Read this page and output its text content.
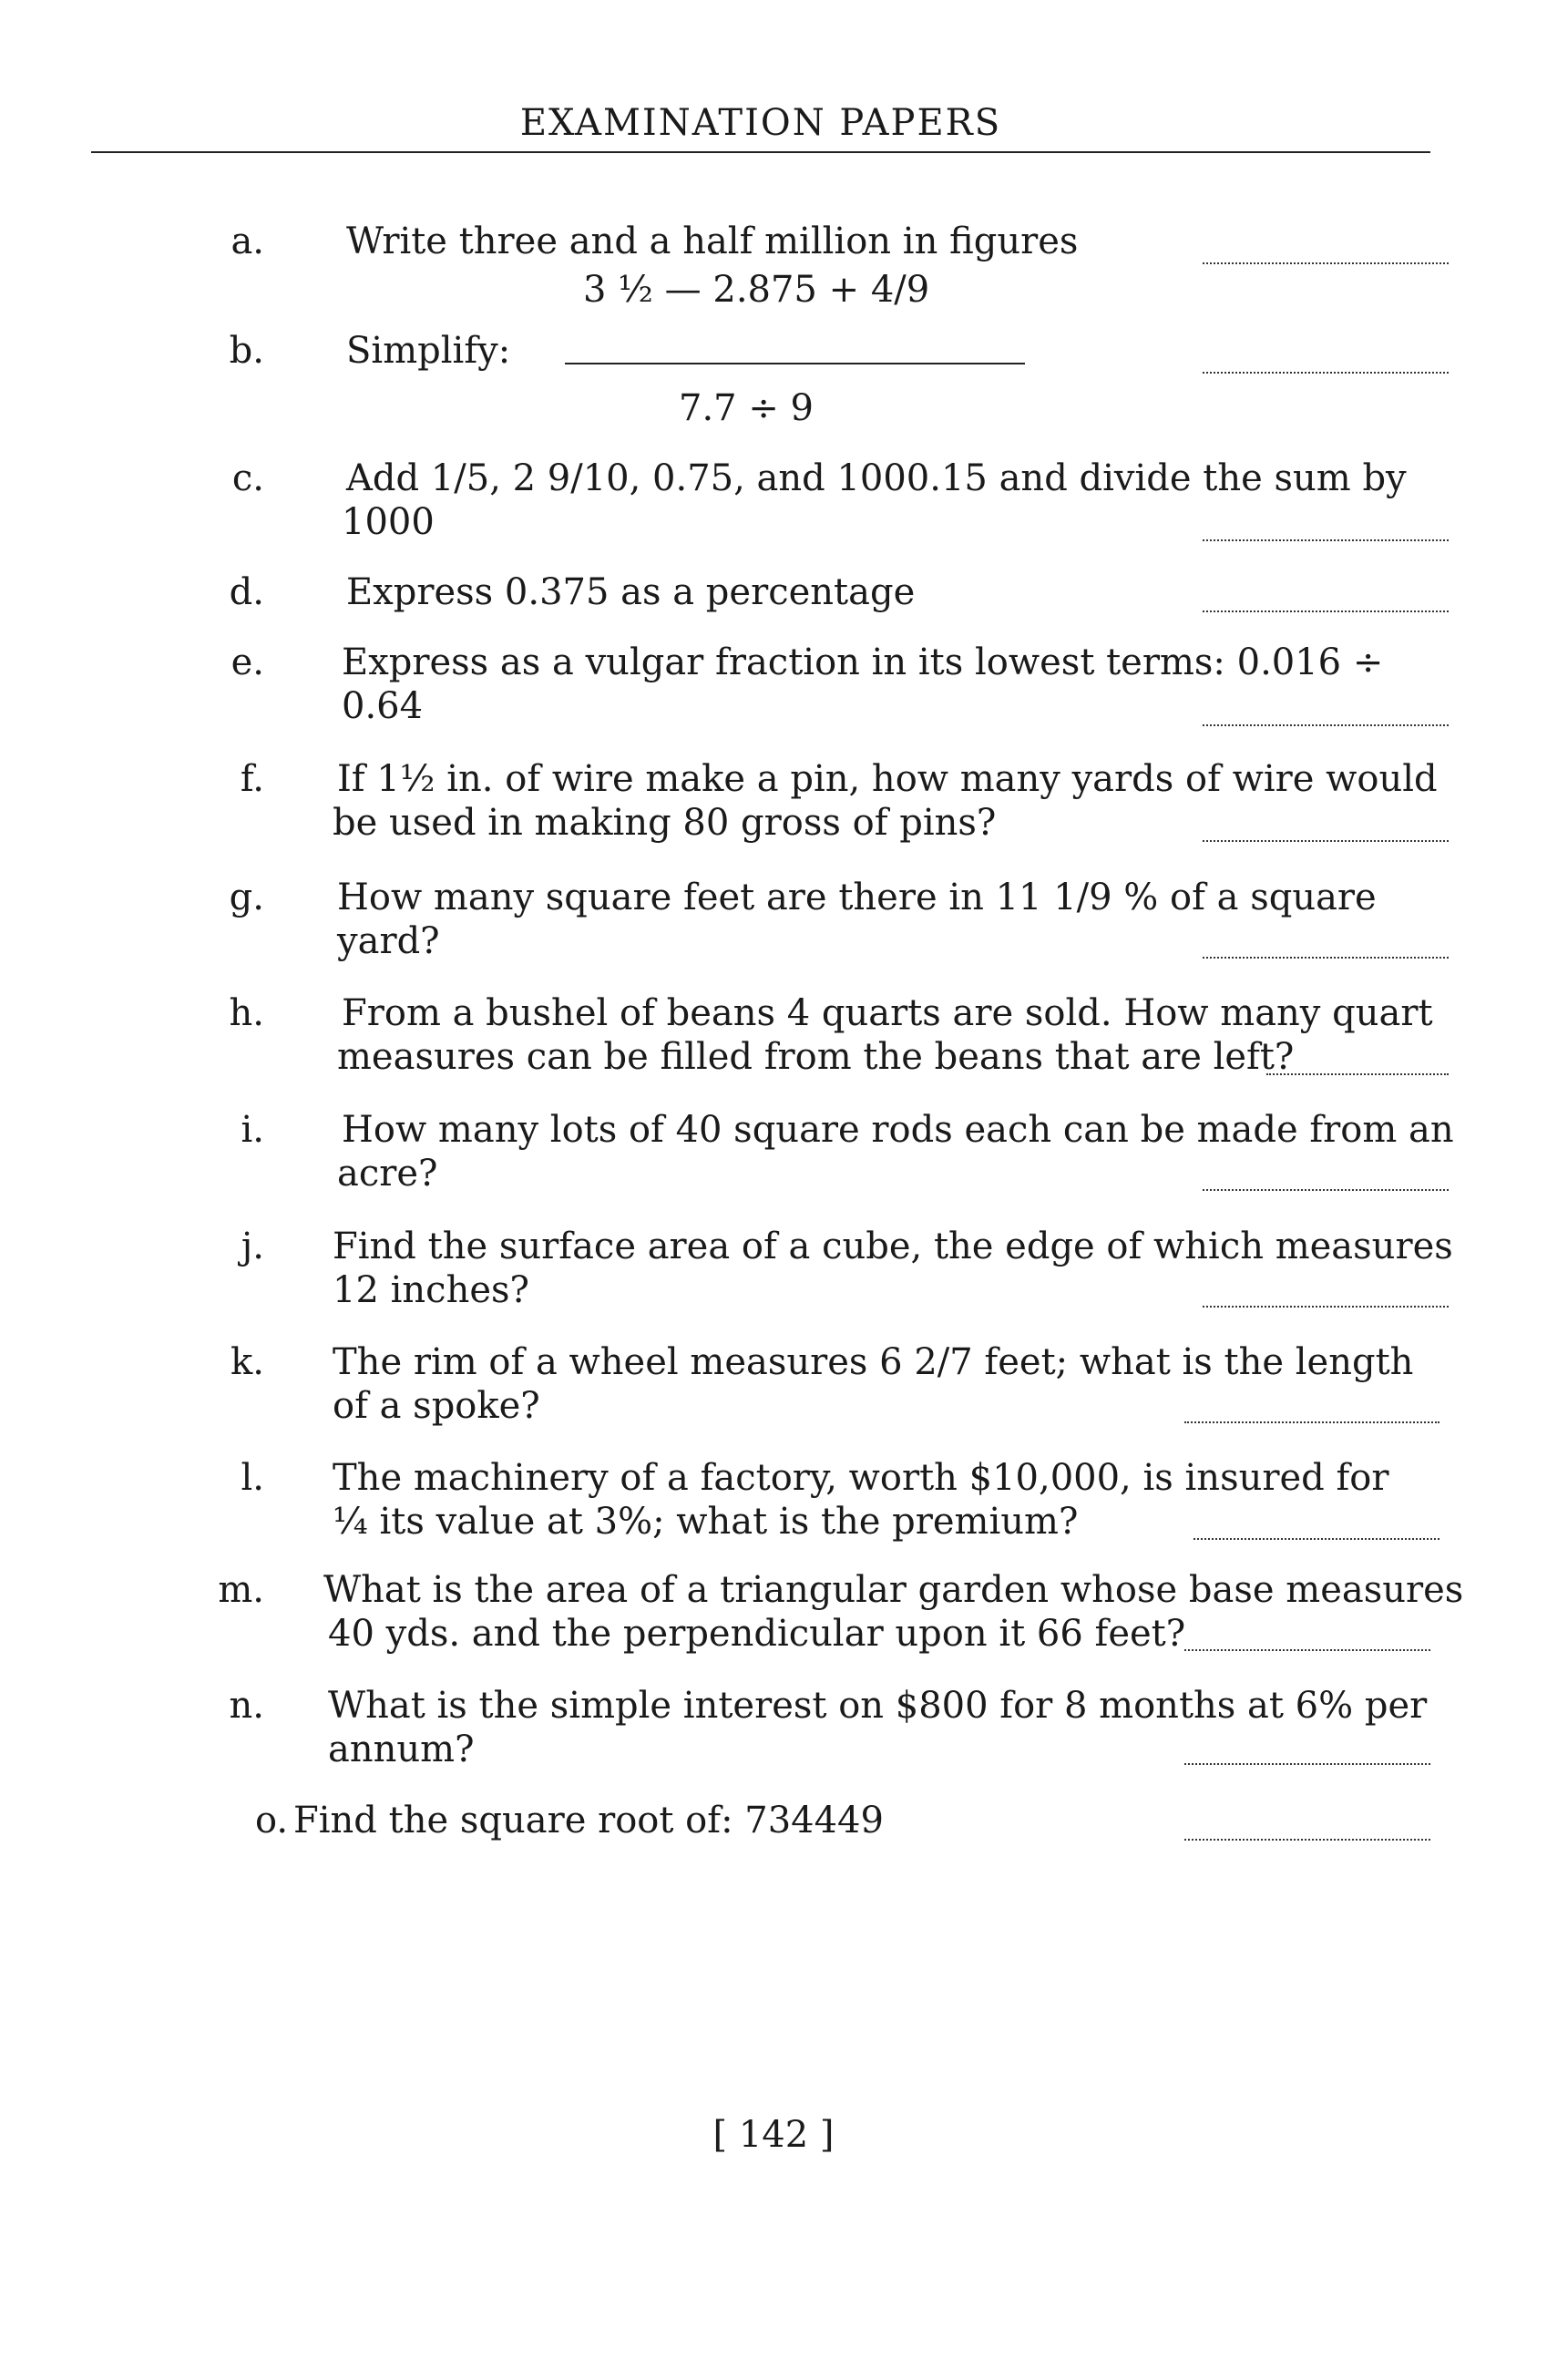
EXAMINATION PAPERS
a. Write three and a half million in figures
b. Simplify:
3 ½ — 2.875 + 4/9
7.7 ÷ 9
c. Add 1/5, 2 9/10, 0.75, and 1000.15 and divide the sum by
1000
d. Express 0.375 as a percentage
e. Express as a vulgar fraction in its lowest terms: 0.016 ÷
0.64
f. If 1½ in. of wire make a pin, how many yards of wire would
be used in making 80 gross of pins?
g. How many square feet are there in 11 1/9 % of a square
yard?
h. From a bushel of beans 4 quarts are sold. How many quart
measures can be filled from the beans that are left?
i. How many lots of 40 square rods each can be made from an
acre?
j. Find the surface area of a cube, the edge of which measures
12 inches?
k. The rim of a wheel measures 6 2/7 feet; what is the length
of a spoke?
l. The machinery of a factory, worth $10,000, is insured for
¼ its value at 3%; what is the premium?
m. What is the area of a triangular garden whose base measures
40 yds. and the perpendicular upon it 66 feet?
n. What is the simple interest on $800 for 8 months at 6% per
annum?
o. Find the square root of: 734449
[ 142 ]
